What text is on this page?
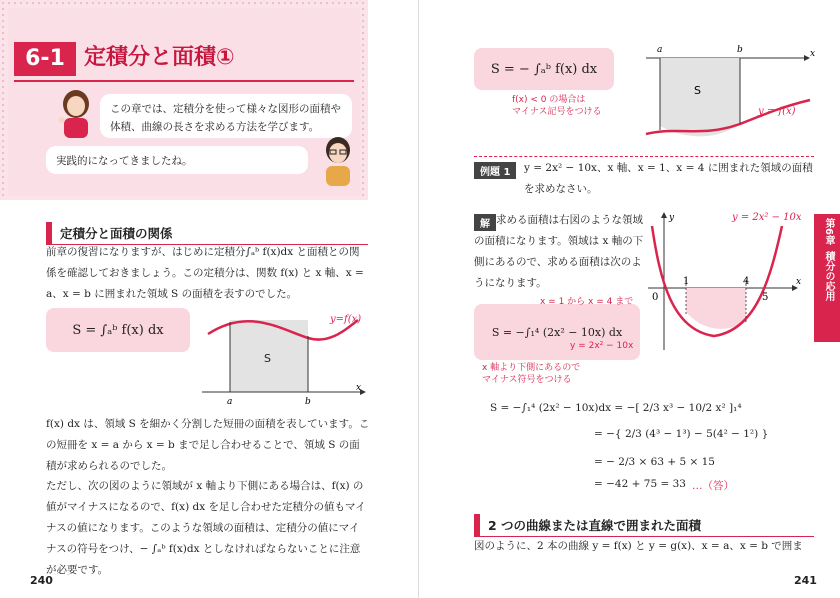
6-1 定積分と面積①
この章では、定積分を使って様々な図形の面積や体積、曲線の長さを求める方法を学びます。
実践的になってきましたね。
定積分と面積の関係
前章の復習になりますが、はじめに定積分∫ₐᵇ f(x)dx と面積との関係を確認しておきましょう。この定積分は、関数 f(x) と x 軸、x = a、x = b に囲まれた領域 S の面積を表すのでした。
S = ∫ₐᵇ f(x) dx
y=f(x)
S
x
a	b
f(x) dx は、領域 S を細かく分割した短冊の面積を表しています。この短冊を x = a から x = b まで足し合わせることで、領域 S の面積が求められるのでした。
ただし、次の図のように領域が x 軸より下側にある場合は、f(x) の値がマイナスになるので、f(x) dx を足し合わせた定積分の値もマイナスの値になります。このような領域の面積は、定積分の値にマイナスの符号をつけ、− ∫ₐᵇ f(x)dx としなければならないことに注意が必要です。
240
S = − ∫ₐᵇ f(x) dx
f(x) < 0 の場合は
マイナス記号をつける
a	b	x
S
y = f(x)
例題 1	y = 2x² − 10x、x 軸、x = 1、x = 4 に囲まれた領域の面積を求めなさい。
解 求める面積は右図のような領域の面積になります。領域は x 軸の下側にあるので、求める面積は次のようになります。
y
x
0
1	4
5
y = 2x² − 10x
S = −∫₁⁴ (2x² − 10x) dx
x = 1 から x = 4 まで
y = 2x² − 10x
x 軸より下側にあるので
マイナス符号をつける
S = −∫₁⁴ (2x² − 10x)dx = −[ 2/3 x³ − 10/2 x² ]₁⁴
= −{ 2/3 (4³ − 1³) − 5(4² − 1²) }
= − 2/3 × 63 + 5 × 15
= −42 + 75 = 33 …（答）
2 つの曲線または直線で囲まれた面積
図のように、2 本の曲線 y = f(x) と y = g(x)、x = a、x = b で囲ま
第6章
積分の応用
241
